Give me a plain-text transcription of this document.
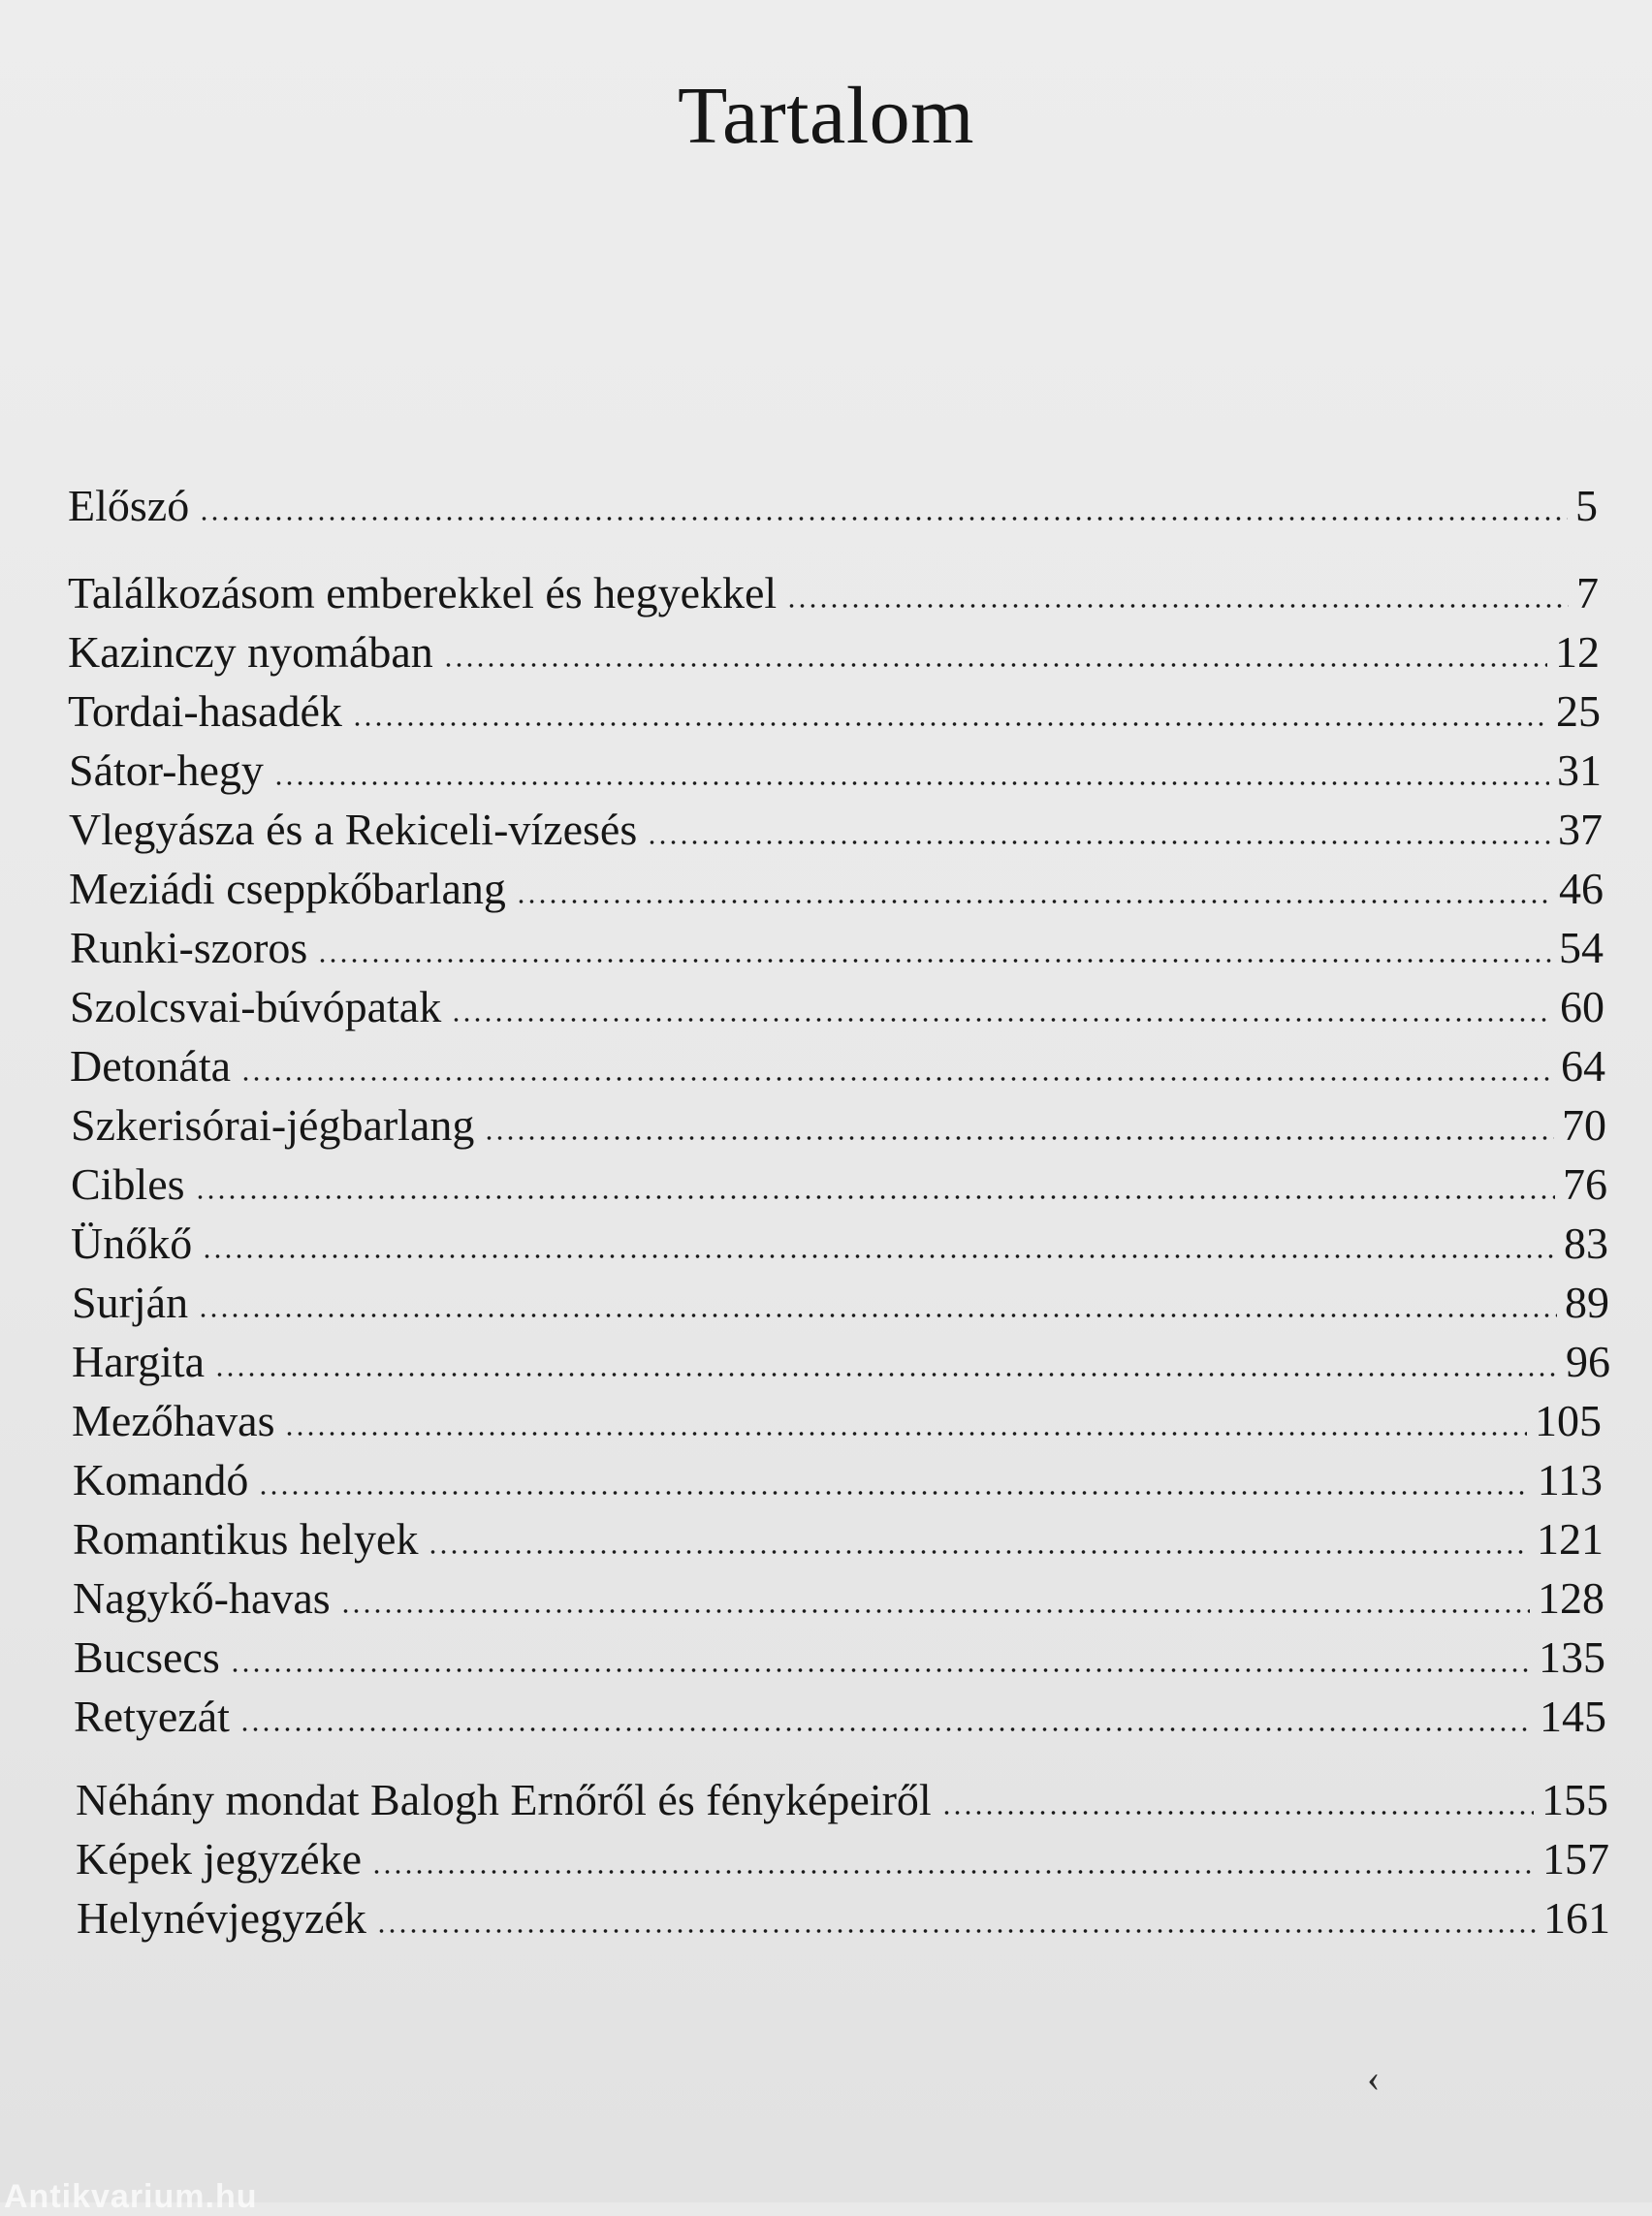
Tartalom
Előszó	5
Találkozásom emberekkel és hegyekkel	7
Kazinczy nyomában	12
Tordai-hasadék	25
Sátor-hegy	31
Vlegyásza és a Rekiceli-vízesés	37
Meziádi cseppkőbarlang	46
Runki-szoros	54
Szolcsvai-búvópatak	60
Detonáta	64
Szkerisórai-jégbarlang	70
Cibles	76
Ünőkő	83
Surján	89
Hargita	96
Mezőhavas	105
Komandó	113
Romantikus helyek	121
Nagykő-havas	128
Bucsecs	135
Retyezát	145
Néhány mondat Balogh Ernőről és fényképeiről	155
Képek jegyzéke	157
Helynévjegyzék	161
‹
Antikvarium.hu
